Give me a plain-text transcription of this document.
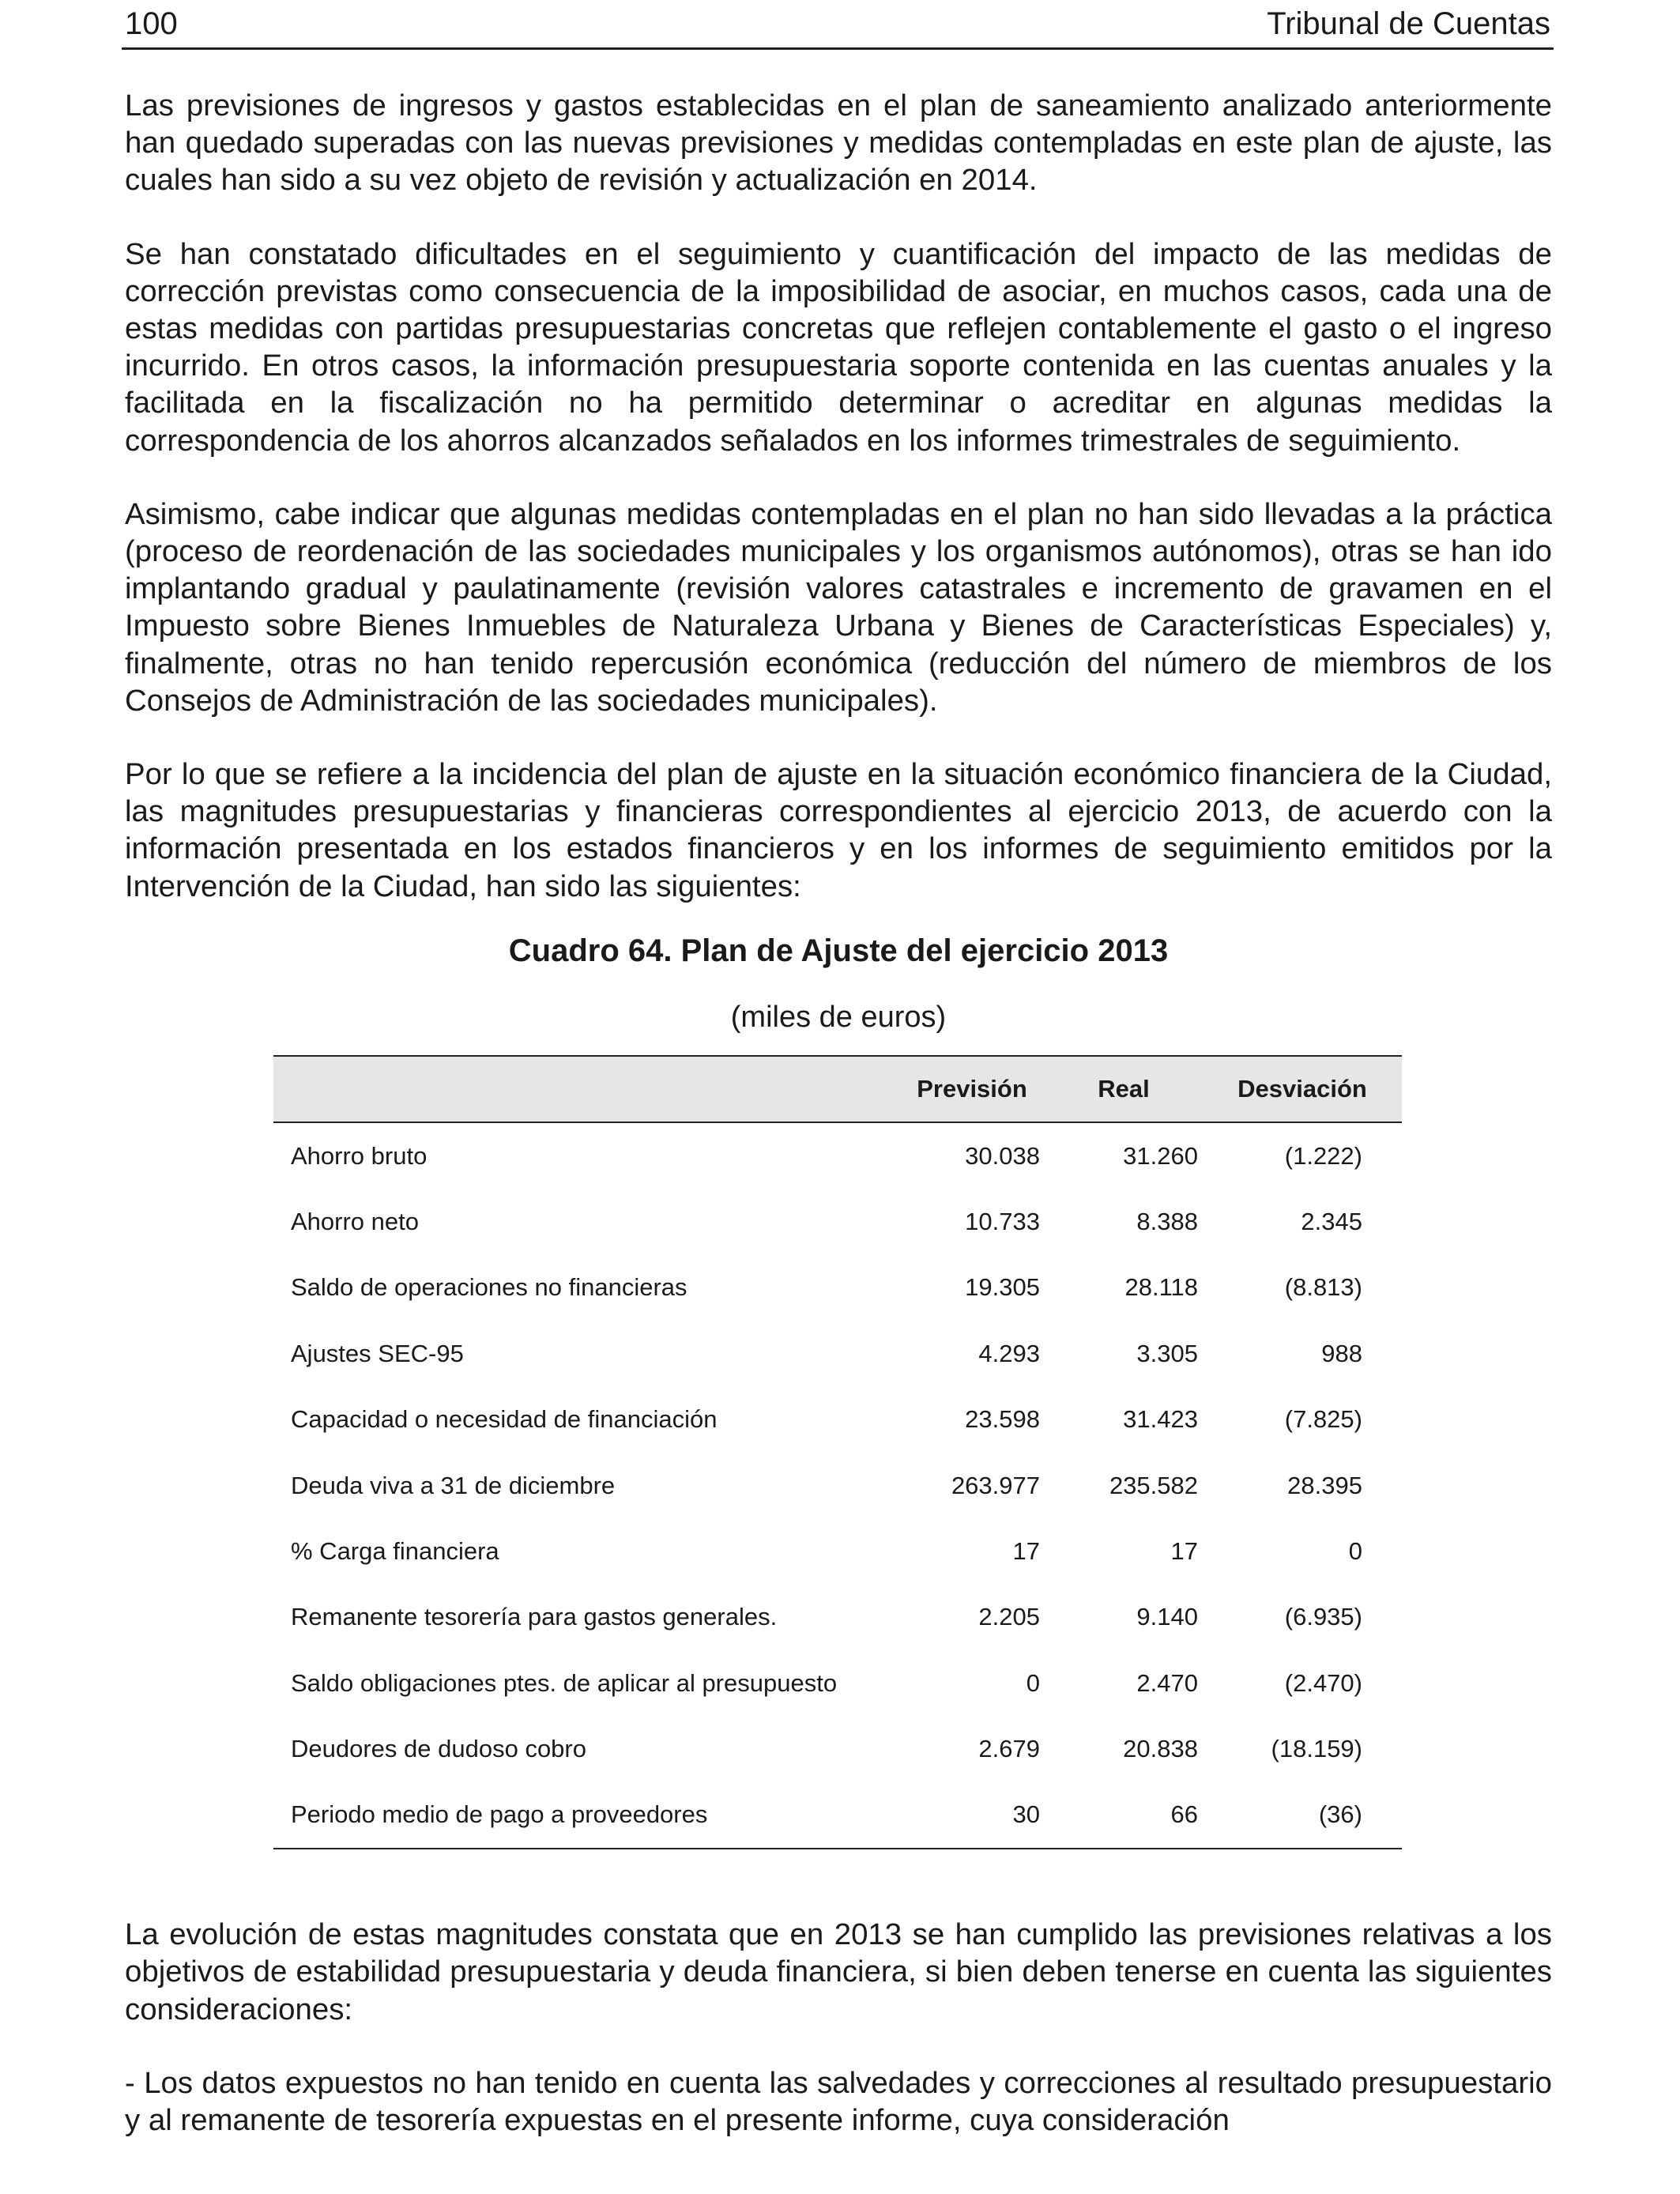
100	Tribunal de Cuentas

Las previsiones de ingresos y gastos establecidas en el plan de saneamiento analizado anteriormente han quedado superadas con las nuevas previsiones y medidas contempladas en este plan de ajuste, las cuales han sido a su vez objeto de revisión y actualización en 2014.

Se han constatado dificultades en el seguimiento y cuantificación del impacto de las medidas de corrección previstas como consecuencia de la imposibilidad de asociar, en muchos casos, cada una de estas medidas con partidas presupuestarias concretas que reflejen contablemente el gasto o el ingreso incurrido. En otros casos, la información presupuestaria soporte contenida en las cuentas anuales y la facilitada en la fiscalización no ha permitido determinar o acreditar en algunas medidas la correspondencia de los ahorros alcanzados señalados en los informes trimestrales de seguimiento.

Asimismo, cabe indicar que algunas medidas contempladas en el plan no han sido llevadas a la práctica (proceso de reordenación de las sociedades municipales y los organismos autónomos), otras se han ido implantando gradual y paulatinamente (revisión valores catastrales e incremento de gravamen en el Impuesto sobre Bienes Inmuebles de Naturaleza Urbana y Bienes de Características Especiales) y, finalmente, otras no han tenido repercusión económica (reducción del número de miembros de los Consejos de Administración de las sociedades municipales).

Por lo que se refiere a la incidencia del plan de ajuste en la situación económico financiera de la Ciudad, las magnitudes presupuestarias y financieras correspondientes al ejercicio 2013, de acuerdo con la información presentada en los estados financieros y en los informes de seguimiento emitidos por la Intervención de la Ciudad, han sido las siguientes:

Cuadro 64. Plan de Ajuste del ejercicio 2013
(miles de euros)
	Previsión	Real	Desviación
Ahorro bruto	30.038	31.260	(1.222)
Ahorro neto	10.733	8.388	2.345
Saldo de operaciones no financieras	19.305	28.118	(8.813)
Ajustes SEC-95	4.293	3.305	988
Capacidad o necesidad de financiación	23.598	31.423	(7.825)
Deuda viva a 31 de diciembre	263.977	235.582	28.395
% Carga financiera	17	17	0
Remanente tesorería para gastos generales.	2.205	9.140	(6.935)
Saldo obligaciones ptes. de aplicar al presupuesto	0	2.470	(2.470)
Deudores de dudoso cobro	2.679	20.838	(18.159)
Periodo medio de pago a proveedores	30	66	(36)

La evolución de estas magnitudes constata que en 2013 se han cumplido las previsiones relativas a los objetivos de estabilidad presupuestaria y deuda financiera, si bien deben tenerse en cuenta las siguientes consideraciones:

- Los datos expuestos no han tenido en cuenta las salvedades y correcciones al resultado presupuestario y al remanente de tesorería expuestas en el presente informe, cuya consideración
